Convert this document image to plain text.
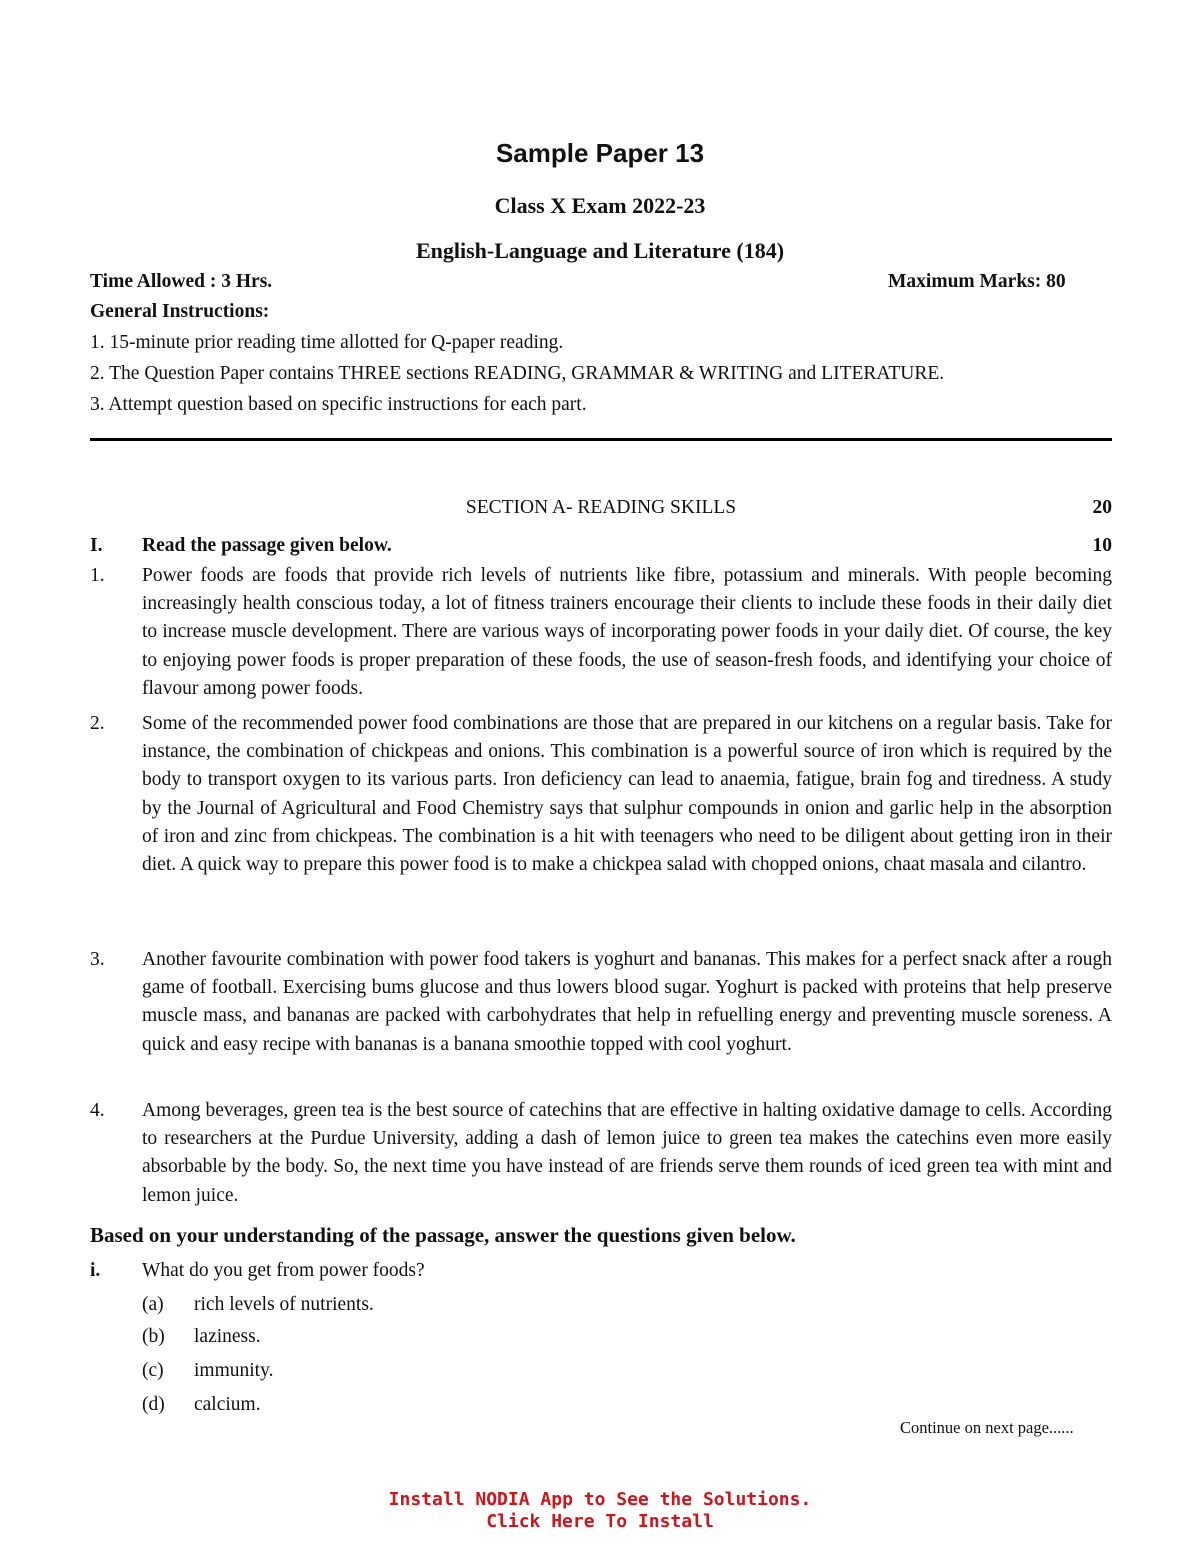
Sample Paper 13
Class X Exam 2022-23
English-Language and Literature (184)
Time Allowed : 3 Hrs.	Maximum Marks: 80
General Instructions:
1. 15-minute prior reading time allotted for Q-paper reading.
2. The Question Paper contains THREE sections READING, GRAMMAR & WRITING and LITERATURE.
3. Attempt question based on specific instructions for each part.
SECTION A- READING SKILLS	20
I. Read the passage given below.	10
1. Power foods are foods that provide rich levels of nutrients like fibre, potassium and minerals. With people becoming increasingly health conscious today, a lot of fitness trainers encourage their clients to include these foods in their daily diet to increase muscle development. There are various ways of incorporating power foods in your daily diet. Of course, the key to enjoying power foods is proper preparation of these foods, the use of season-fresh foods, and identifying your choice of flavour among power foods.
2. Some of the recommended power food combinations are those that are prepared in our kitchens on a regular basis. Take for instance, the combination of chickpeas and onions. This combination is a powerful source of iron which is required by the body to transport oxygen to its various parts. Iron deficiency can lead to anaemia, fatigue, brain fog and tiredness. A study by the Journal of Agricultural and Food Chemistry says that sulphur compounds in onion and garlic help in the absorption of iron and zinc from chickpeas. The combination is a hit with teenagers who need to be diligent about getting iron in their diet. A quick way to prepare this power food is to make a chickpea salad with chopped onions, chaat masala and cilantro.
3. Another favourite combination with power food takers is yoghurt and bananas. This makes for a perfect snack after a rough game of football. Exercising bums glucose and thus lowers blood sugar. Yoghurt is packed with proteins that help preserve muscle mass, and bananas are packed with carbohydrates that help in refuelling energy and preventing muscle soreness. A quick and easy recipe with bananas is a banana smoothie topped with cool yoghurt.
4. Among beverages, green tea is the best source of catechins that are effective in halting oxidative damage to cells. According to researchers at the Purdue University, adding a dash of lemon juice to green tea makes the catechins even more easily absorbable by the body. So, the next time you have instead of are friends serve them rounds of iced green tea with mint and lemon juice.
Based on your understanding of the passage, answer the questions given below.
i. What do you get from power foods?
(a) rich levels of nutrients.
(b) laziness.
(c) immunity.
(d) calcium.
Continue on next page......
Install NODIA App to See the Solutions.
Click Here To Install
